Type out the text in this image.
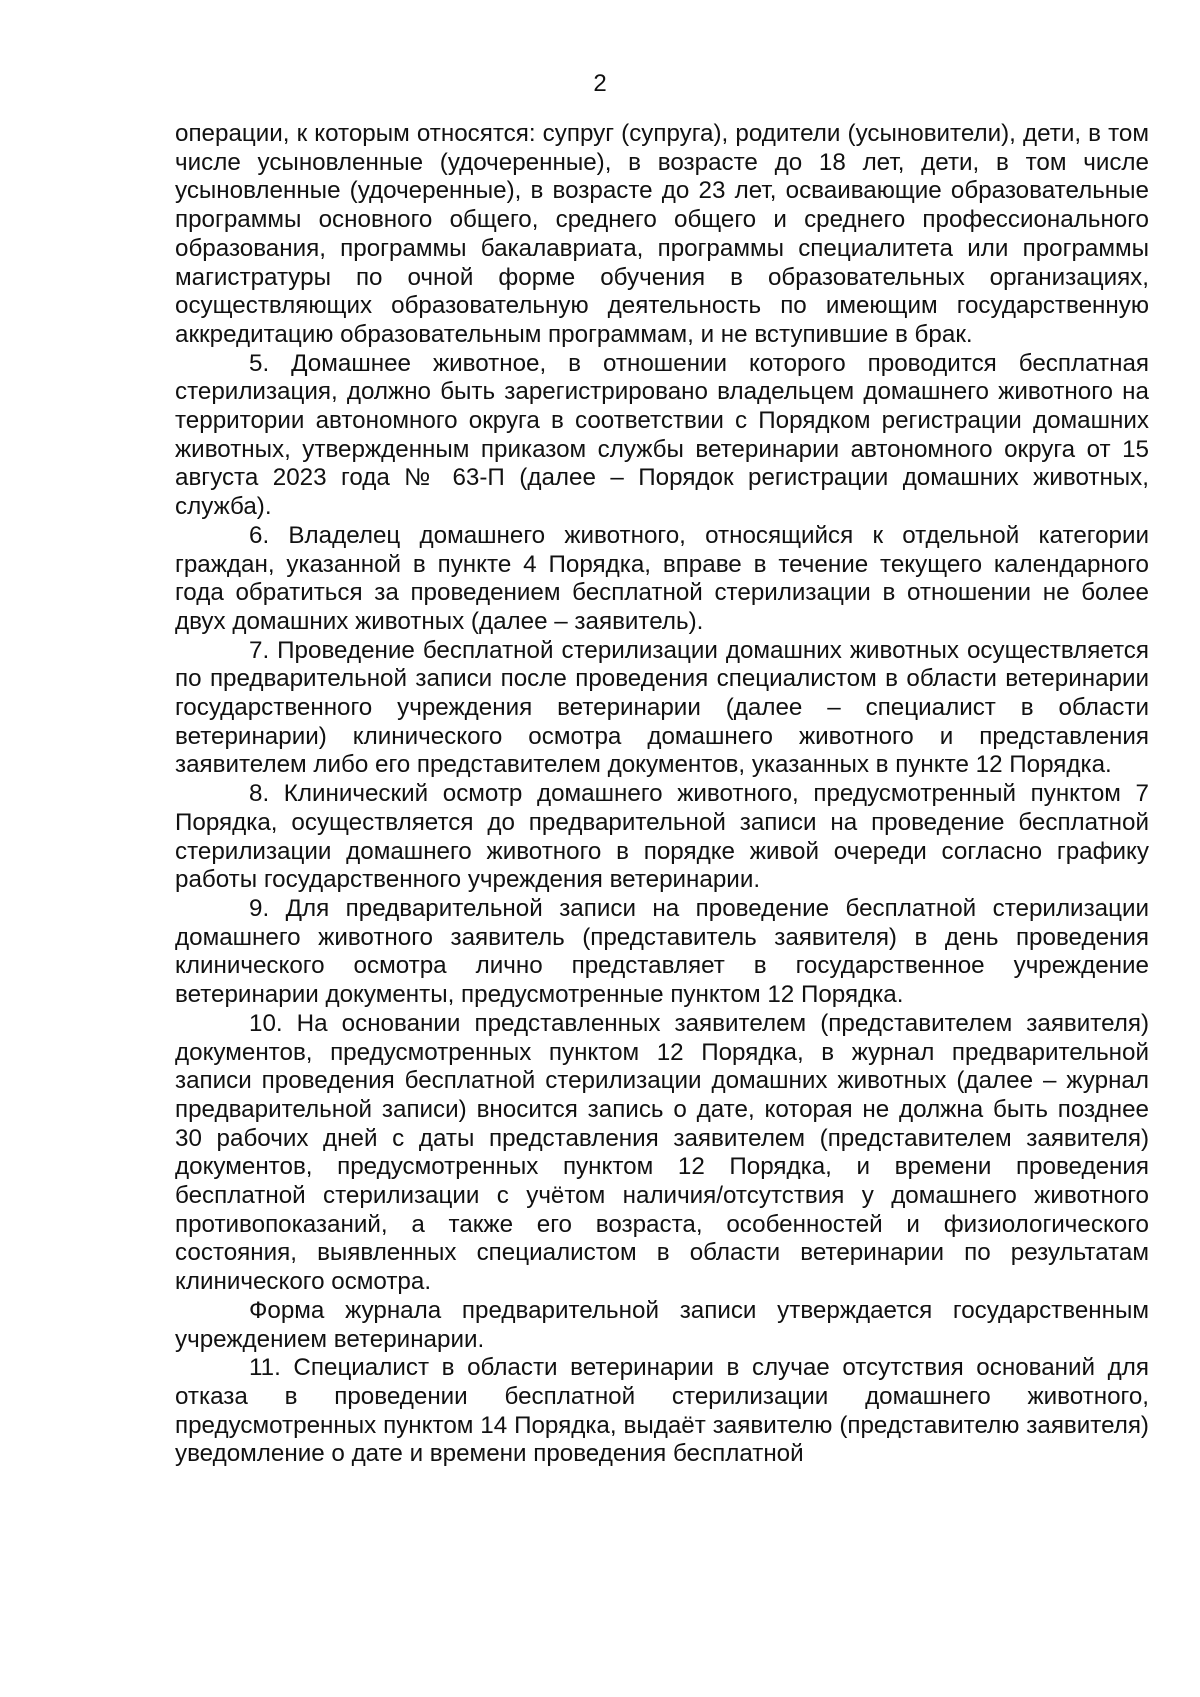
2

операции, к которым относятся: супруг (супруга), родители (усыновители), дети, в том числе усыновленные (удочеренные), в возрасте до 18 лет, дети, в том числе усыновленные (удочеренные), в возрасте до 23 лет, осваивающие образовательные программы основного общего, среднего общего и среднего профессионального образования, программы бакалавриата, программы специалитета или программы магистратуры по очной форме обучения в образовательных организациях, осуществляющих образовательную деятельность по имеющим государственную аккредитацию образовательным программам, и не вступившие в брак.

5. Домашнее животное, в отношении которого проводится бесплатная стерилизация, должно быть зарегистрировано владельцем домашнего животного на территории автономного округа в соответствии с Порядком регистрации домашних животных, утвержденным приказом службы ветеринарии автономного округа от 15 августа 2023 года № 63-П (далее – Порядок регистрации домашних животных, служба).

6. Владелец домашнего животного, относящийся к отдельной категории граждан, указанной в пункте 4 Порядка, вправе в течение текущего календарного года обратиться за проведением бесплатной стерилизации в отношении не более двух домашних животных (далее – заявитель).

7. Проведение бесплатной стерилизации домашних животных осуществляется по предварительной записи после проведения специалистом в области ветеринарии государственного учреждения ветеринарии (далее – специалист в области ветеринарии) клинического осмотра домашнего животного и представления заявителем либо его представителем документов, указанных в пункте 12 Порядка.

8. Клинический осмотр домашнего животного, предусмотренный пунктом 7 Порядка, осуществляется до предварительной записи на проведение бесплатной стерилизации домашнего животного в порядке живой очереди согласно графику работы государственного учреждения ветеринарии.

9. Для предварительной записи на проведение бесплатной стерилизации домашнего животного заявитель (представитель заявителя) в день проведения клинического осмотра лично представляет в государственное учреждение ветеринарии документы, предусмотренные пунктом 12 Порядка.

10. На основании представленных заявителем (представителем заявителя) документов, предусмотренных пунктом 12 Порядка, в журнал предварительной записи проведения бесплатной стерилизации домашних животных (далее – журнал предварительной записи) вносится запись о дате, которая не должна быть позднее 30 рабочих дней с даты представления заявителем (представителем заявителя) документов, предусмотренных пунктом 12 Порядка, и времени проведения бесплатной стерилизации с учётом наличия/отсутствия у домашнего животного противопоказаний, а также его возраста, особенностей и физиологического состояния, выявленных специалистом в области ветеринарии по результатам клинического осмотра.

Форма журнала предварительной записи утверждается государственным учреждением ветеринарии.

11. Специалист в области ветеринарии в случае отсутствия оснований для отказа в проведении бесплатной стерилизации домашнего животного, предусмотренных пунктом 14 Порядка, выдаёт заявителю (представителю заявителя) уведомление о дате и времени проведения бесплатной
